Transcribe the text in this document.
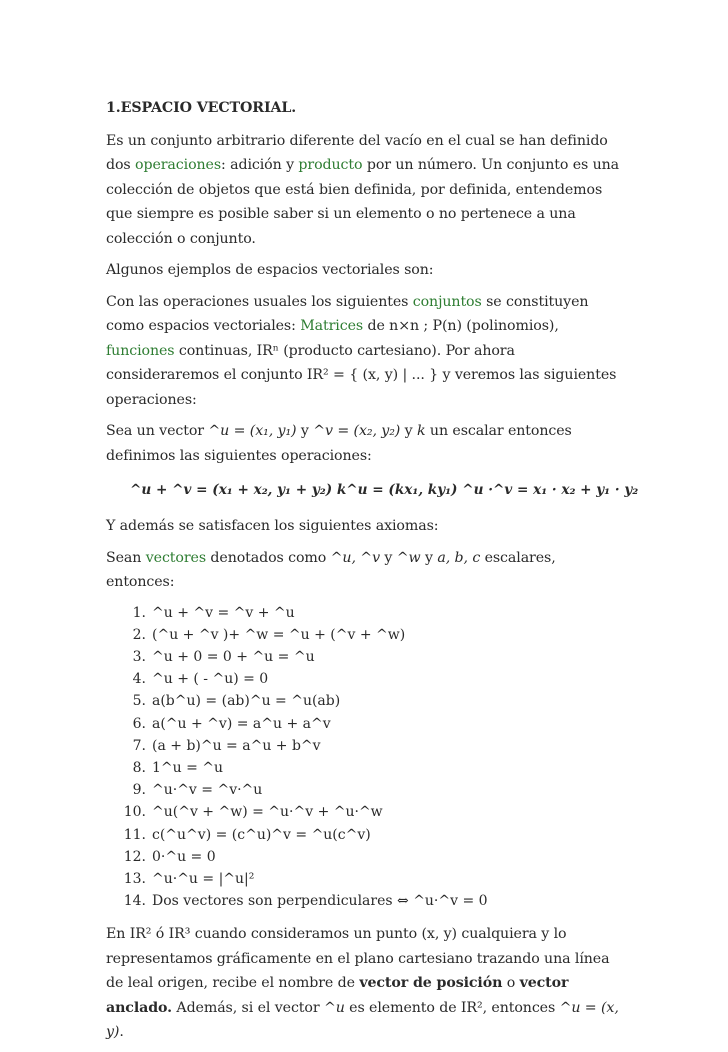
1.ESPACIO VECTORIAL.

Es un conjunto arbitrario diferente del vacío en el cual se han definido dos operaciones: adición y producto por un número. Un conjunto es una colección de objetos que está bien definida, por definida, entendemos que siempre es posible saber si un elemento o no pertenece a una colección o conjunto.

Algunos ejemplos de espacios vectoriales son:

Con las operaciones usuales los siguientes conjuntos se constituyen como espacios vectoriales: Matrices de n×n ; P(n) (polinomios), funciones continuas, IRⁿ (producto cartesiano). Por ahora consideraremos el conjunto IR² = { (x, y) | ... } y veremos las siguientes operaciones:

Sea un vector ^u = (x₁, y₁) y ^v = (x₂, y₂) y k un escalar entonces definimos las siguientes operaciones:

^u + ^v = (x₁ + x₂, y₁ + y₂) k^u = (kx₁, ky₁) ^u ·^v = x₁ · x₂ + y₁ · y₂

Y además se satisfacen los siguientes axiomas:

Sean vectores denotados como ^u, ^v y ^w y a, b, c escalares, entonces:

1. ^u + ^v = ^v + ^u
2. (^u + ^v )+ ^w = ^u + (^v + ^w)
3. ^u + 0 = 0 + ^u = ^u
4. ^u + ( - ^u) = 0
5. a(b^u) = (ab)^u = ^u(ab)
6. a(^u + ^v) = a^u + a^v
7. (a + b)^u = a^u + b^v
8. 1^u = ^u
9. ^u·^v = ^v·^u
10. ^u(^v + ^w) = ^u·^v + ^u·^w
11. c(^u^v) = (c^u)^v = ^u(c^v)
12. 0·^u = 0
13. ^u·^u = |^u|²
14. Dos vectores son perpendiculares ⇔ ^u·^v = 0

En IR² ó IR³ cuando consideramos un punto (x, y) cualquiera y lo representamos gráficamente en el plano cartesiano trazando una línea de leal origen, recibe el nombre de vector de posición o vector anclado. Además, si el vector ^u es elemento de IR², entonces ^u = (x, y).
